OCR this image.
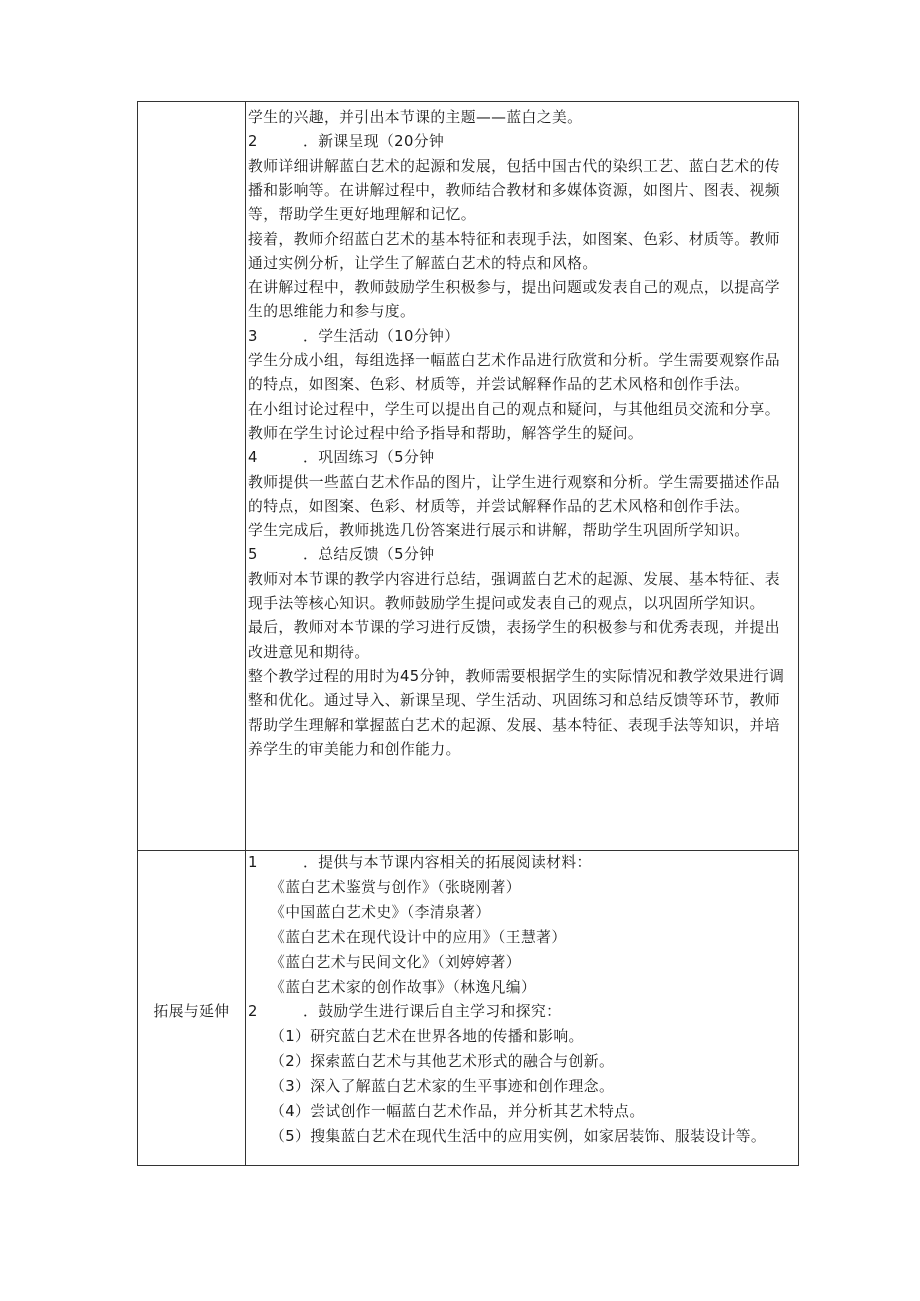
学生的兴趣，并引出本节课的主题——蓝白之美。
2	．新课呈现（20分钟
教师详细讲解蓝白艺术的起源和发展，包括中国古代的染织工艺、蓝白艺术的传
播和影响等。在讲解过程中，教师结合教材和多媒体资源，如图片、图表、视频
等，帮助学生更好地理解和记忆。
接着，教师介绍蓝白艺术的基本特征和表现手法，如图案、色彩、材质等。教师
通过实例分析，让学生了解蓝白艺术的特点和风格。
在讲解过程中，教师鼓励学生积极参与，提出问题或发表自己的观点，以提高学
生的思维能力和参与度。
3	．学生活动（10分钟）
学生分成小组，每组选择一幅蓝白艺术作品进行欣赏和分析。学生需要观察作品
的特点，如图案、色彩、材质等，并尝试解释作品的艺术风格和创作手法。
在小组讨论过程中，学生可以提出自己的观点和疑问，与其他组员交流和分享。
教师在学生讨论过程中给予指导和帮助，解答学生的疑问。
4	．巩固练习（5分钟
教师提供一些蓝白艺术作品的图片，让学生进行观察和分析。学生需要描述作品
的特点，如图案、色彩、材质等，并尝试解释作品的艺术风格和创作手法。
学生完成后，教师挑选几份答案进行展示和讲解，帮助学生巩固所学知识。
5	．总结反馈（5分钟
教师对本节课的教学内容进行总结，强调蓝白艺术的起源、发展、基本特征、表
现手法等核心知识。教师鼓励学生提问或发表自己的观点，以巩固所学知识。
最后，教师对本节课的学习进行反馈，表扬学生的积极参与和优秀表现，并提出
改进意见和期待。
整个教学过程的用时为45分钟，教师需要根据学生的实际情况和教学效果进行调
整和优化。通过导入、新课呈现、学生活动、巩固练习和总结反馈等环节，教师
帮助学生理解和掌握蓝白艺术的起源、发展、基本特征、表现手法等知识，并培
养学生的审美能力和创作能力。
拓展与延伸
1	．提供与本节课内容相关的拓展阅读材料：
《蓝白艺术鉴赏与创作》（张晓刚著）
《中国蓝白艺术史》（李清泉著）
《蓝白艺术在现代设计中的应用》（王慧著）
《蓝白艺术与民间文化》（刘婷婷著）
《蓝白艺术家的创作故事》（林逸凡编）
2	．鼓励学生进行课后自主学习和探究：
（1）研究蓝白艺术在世界各地的传播和影响。
（2）探索蓝白艺术与其他艺术形式的融合与创新。
（3）深入了解蓝白艺术家的生平事迹和创作理念。
（4）尝试创作一幅蓝白艺术作品，并分析其艺术特点。
（5）搜集蓝白艺术在现代生活中的应用实例，如家居装饰、服装设计等。
